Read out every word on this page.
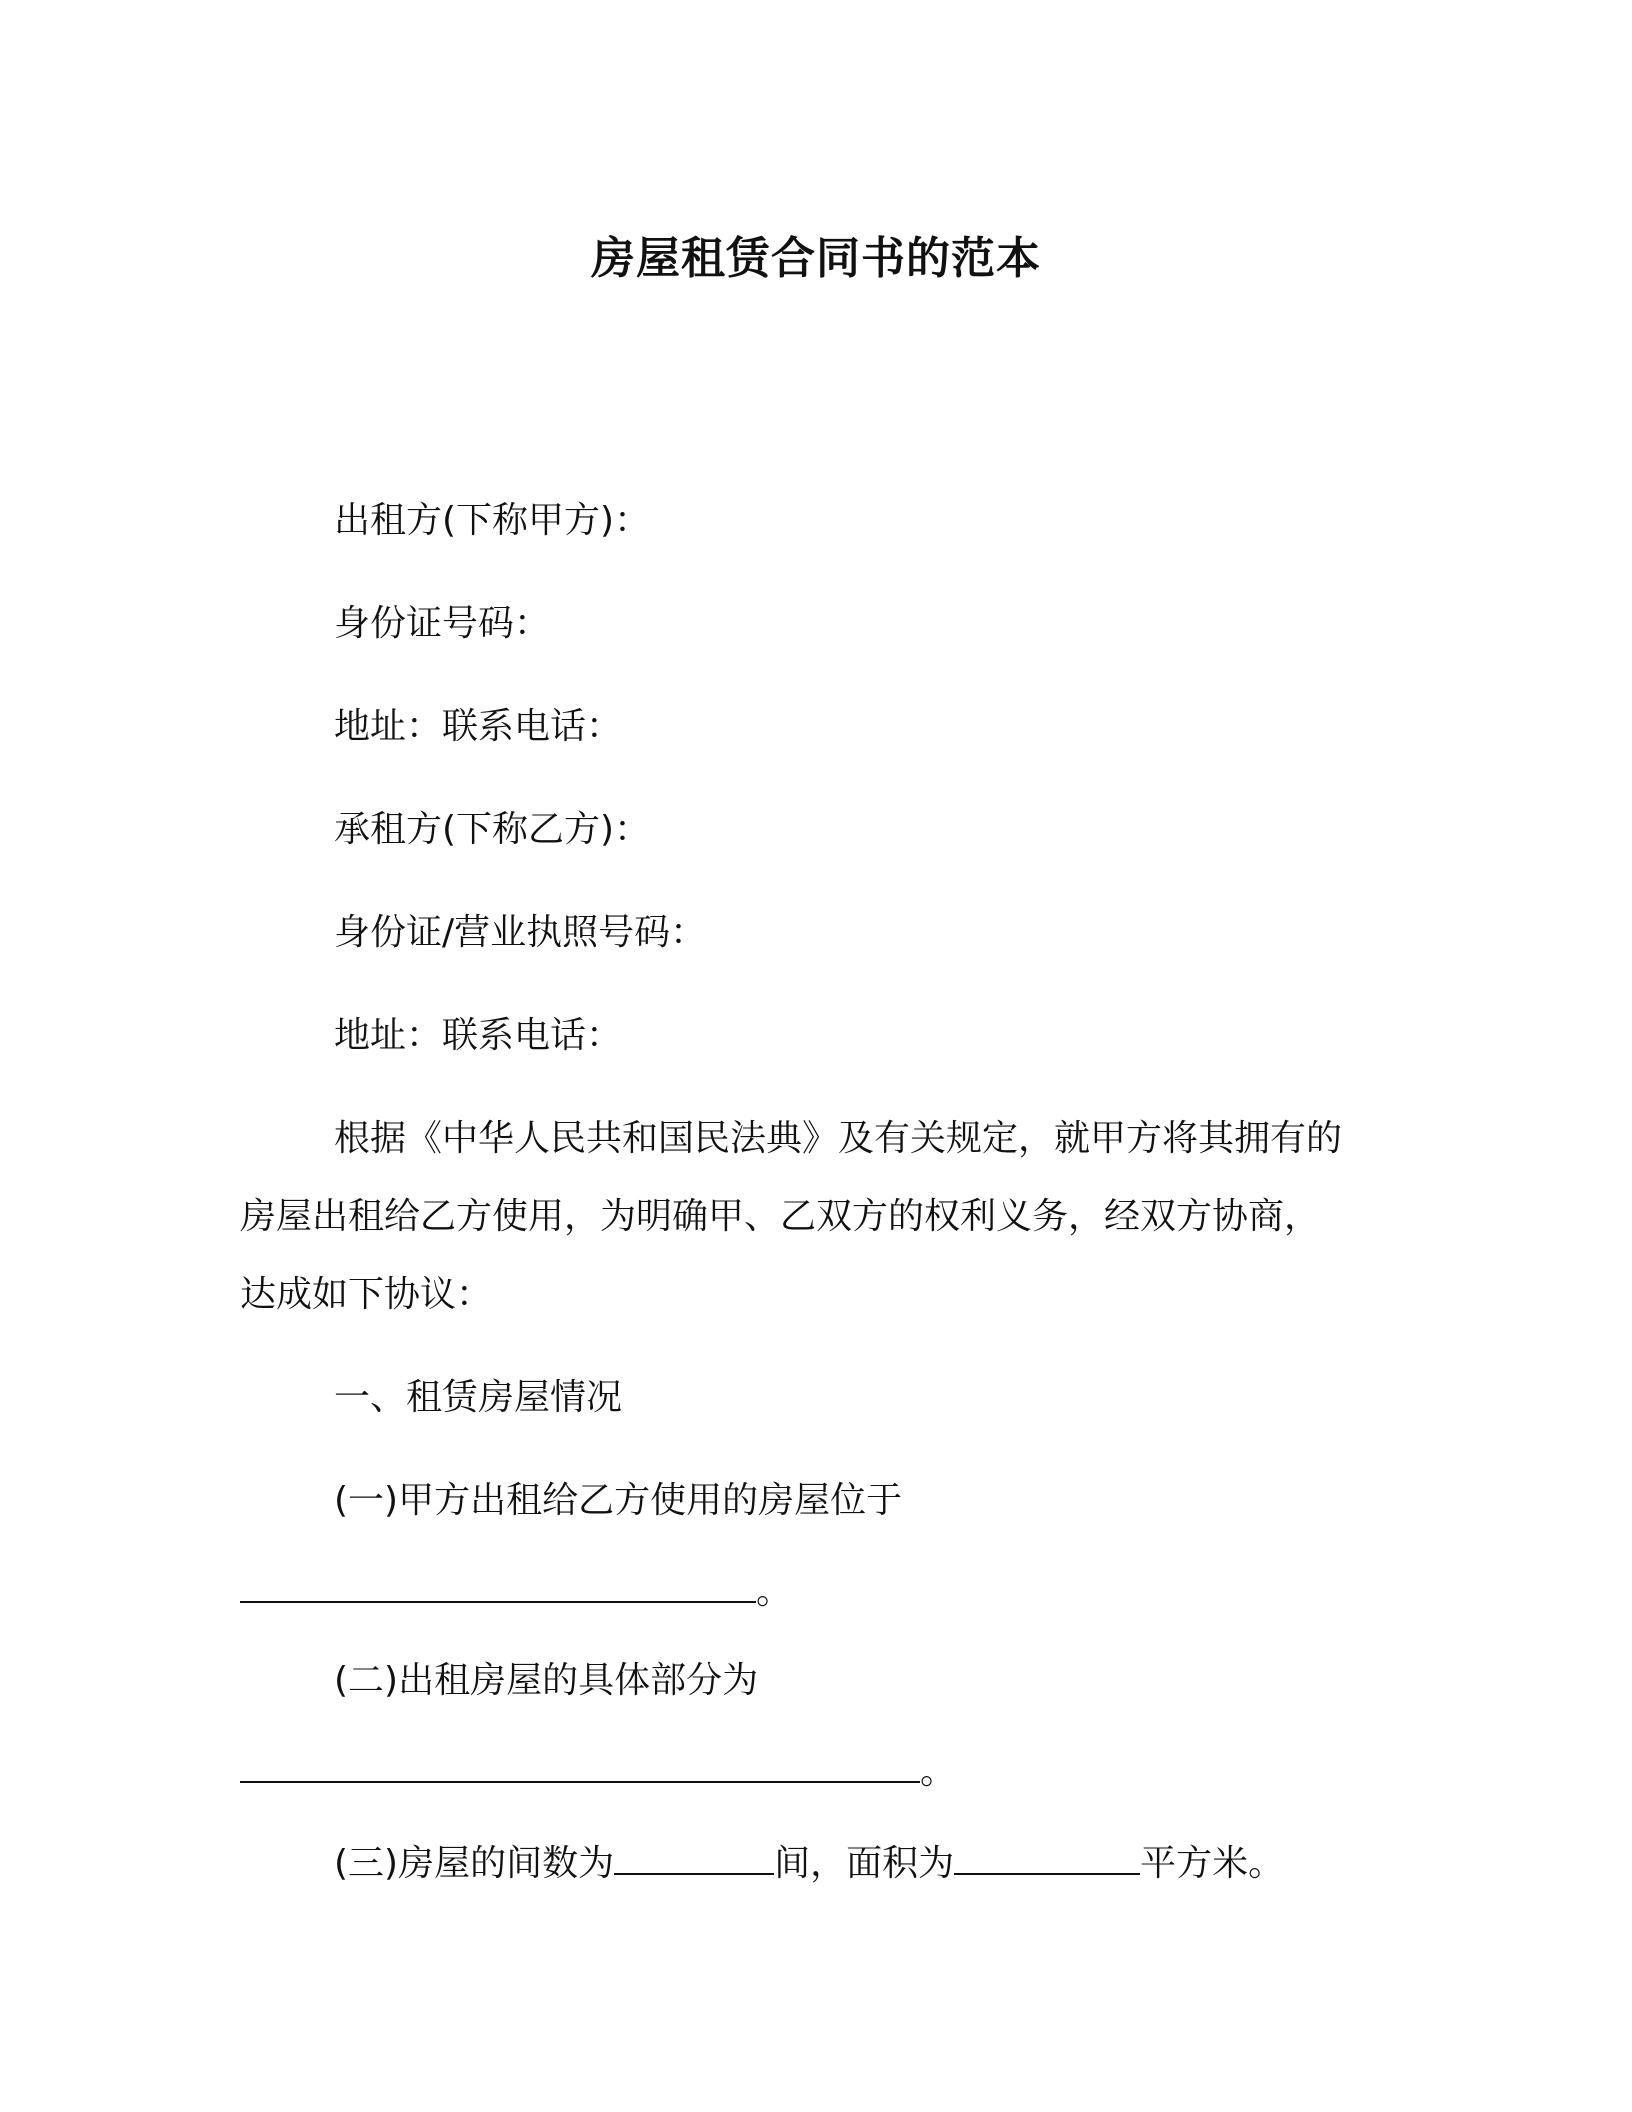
房屋租赁合同书的范本
出租方(下称甲方)：
身份证号码：
地址：联系电话：
承租方(下称乙方)：
身份证/营业执照号码：
地址：联系电话：
根据《中华人民共和国民法典》及有关规定，就甲方将其拥有的
房屋出租给乙方使用，为明确甲、乙双方的权利义务，经双方协商，
达成如下协议：
一、租赁房屋情况
(一)甲方出租给乙方使用的房屋位于
。
(二)出租房屋的具体部分为
。
(三)房屋的间数为	间，面积为	平方米。
